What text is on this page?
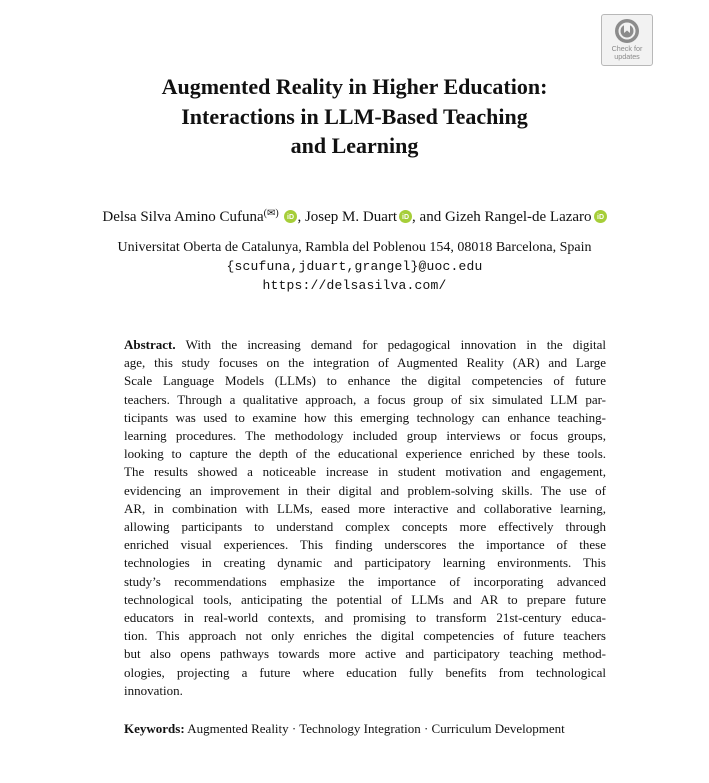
Check for
updates
Augmented Reality in Higher Education:
Interactions in LLM-Based Teaching
and Learning
Delsa Silva Amino Cufuna(✉) iD , Josep M. Duart iD , and Gizeh Rangel-de Lazaro iD
Universitat Oberta de Catalunya, Rambla del Poblenou 154, 08018 Barcelona, Spain
{scufuna,jduart,grangel}@uoc.edu
https://delsasilva.com/
Abstract. With the increasing demand for pedagogical innovation in the digital
age, this study focuses on the integration of Augmented Reality (AR) and Large
Scale Language Models (LLMs) to enhance the digital competencies of future
teachers. Through a qualitative approach, a focus group of six simulated LLM par-
ticipants was used to examine how this emerging technology can enhance teaching-
learning procedures. The methodology included group interviews or focus groups,
looking to capture the depth of the educational experience enriched by these tools.
The results showed a noticeable increase in student motivation and engagement,
evidencing an improvement in their digital and problem-solving skills. The use of
AR, in combination with LLMs, eased more interactive and collaborative learning,
allowing participants to understand complex concepts more effectively through
enriched visual experiences. This finding underscores the importance of these
technologies in creating dynamic and participatory learning environments. This
study’s recommendations emphasize the importance of incorporating advanced
technological tools, anticipating the potential of LLMs and AR to prepare future
educators in real-world contexts, and promising to transform 21st-century educa-
tion. This approach not only enriches the digital competencies of future teachers
but also opens pathways towards more active and participatory teaching method-
ologies, projecting a future where education fully benefits from technological
innovation.
Keywords: Augmented Reality · Technology Integration · Curriculum Development
